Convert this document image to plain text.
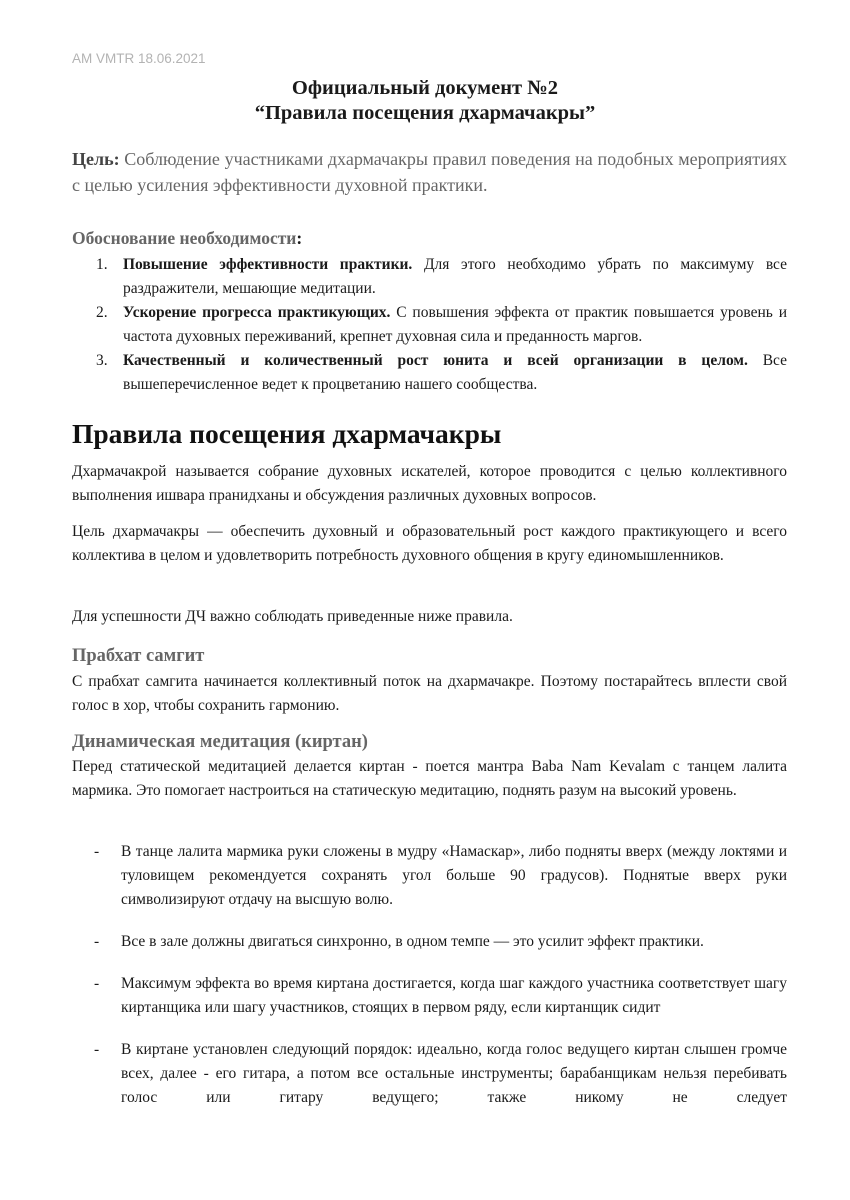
AM VMTR 18.06.2021
Официальный документ №2
“Правила посещения дхармачакры”
Цель: Соблюдение участниками дхармачакры правил поведения на подобных мероприятиях с целью усиления эффективности духовной практики.
Обоснование необходимости:
1. Повышение эффективности практики. Для этого необходимо убрать по максимуму все раздражители, мешающие медитации.
2. Ускорение прогресса практикующих. С повышения эффекта от практик повышается уровень и частота духовных переживаний, крепнет духовная сила и преданность маргов.
3. Качественный и количественный рост юнита и всей организации в целом. Все вышеперечисленное ведет к процветанию нашего сообщества.
Правила посещения дхармачакры
Дхармачакрой называется собрание духовных искателей, которое проводится с целью коллективного выполнения ишвара пранидханы и обсуждения различных духовных вопросов.
Цель дхармачакры — обеспечить духовный и образовательный рост каждого практикующего и всего коллектива в целом и удовлетворить потребность духовного общения в кругу единомышленников.
Для успешности ДЧ важно соблюдать приведенные ниже правила.
Прабхат самгит
С прабхат самгита начинается коллективный поток на дхармачакре. Поэтому постарайтесь вплести свой голос в хор, чтобы сохранить гармонию.
Динамическая медитация (киртан)
Перед статической медитацией делается киртан - поется мантра Baba Nam Kevalam с танцем лалита мармика. Это помогает настроиться на статическую медитацию, поднять разум на высокий уровень.
- В танце лалита мармика руки сложены в мудру «Намаскар», либо подняты вверх (между локтями и туловищем рекомендуется сохранять угол больше 90 градусов). Поднятые вверх руки символизируют отдачу на высшую волю.
- Все в зале должны двигаться синхронно, в одном темпе — это усилит эффект практики.
- Максимум эффекта во время киртана достигается, когда шаг каждого участника соответствует шагу киртанщика или шагу участников, стоящих в первом ряду, если киртанщик сидит
- В киртане установлен следующий порядок: идеально, когда голос ведущего киртан слышен громче всех, далее - его гитара, а потом все остальные инструменты; барабанщикам нельзя перебивать голос или гитару ведущего; также никому не следует
